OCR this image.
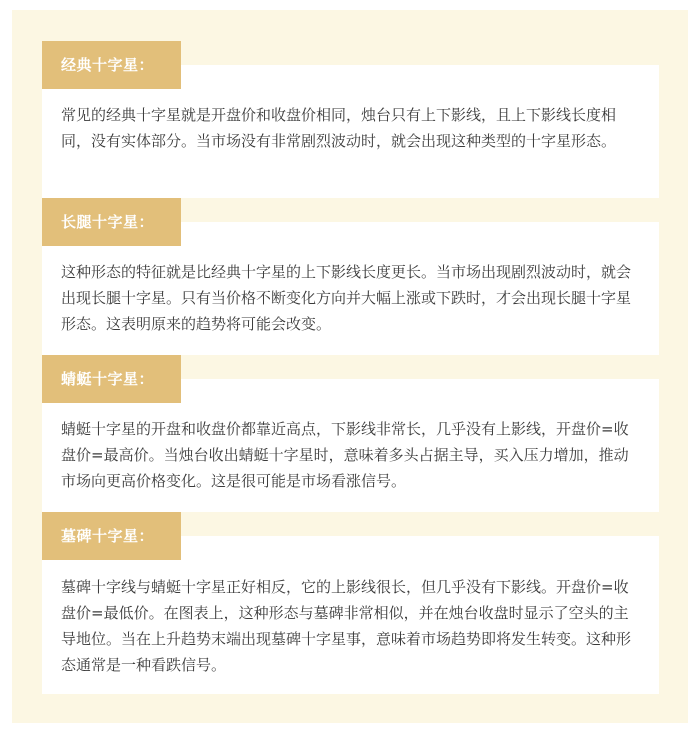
经典十字星：

常见的经典十字星就是开盘价和收盘价相同，烛台只有上下影线，且上下影线长度相同，没有实体部分。当市场没有非常剧烈波动时，就会出现这种类型的十字星形态。

长腿十字星：

这种形态的特征就是比经典十字星的上下影线长度更长。当市场出现剧烈波动时，就会出现长腿十字星。只有当价格不断变化方向并大幅上涨或下跌时，才会出现长腿十字星形态。这表明原来的趋势将可能会改变。

蜻蜓十字星：

蜻蜓十字星的开盘和收盘价都靠近高点，下影线非常长，几乎没有上影线，开盘价=收盘价=最高价。当烛台收出蜻蜓十字星时，意味着多头占据主导，买入压力增加，推动市场向更高价格变化。这是很可能是市场看涨信号。

墓碑十字星：

墓碑十字线与蜻蜓十字星正好相反，它的上影线很长，但几乎没有下影线。开盘价=收盘价=最低价。在图表上，这种形态与墓碑非常相似，并在烛台收盘时显示了空头的主导地位。当在上升趋势末端出现墓碑十字星事，意味着市场趋势即将发生转变。这种形态通常是一种看跌信号。
